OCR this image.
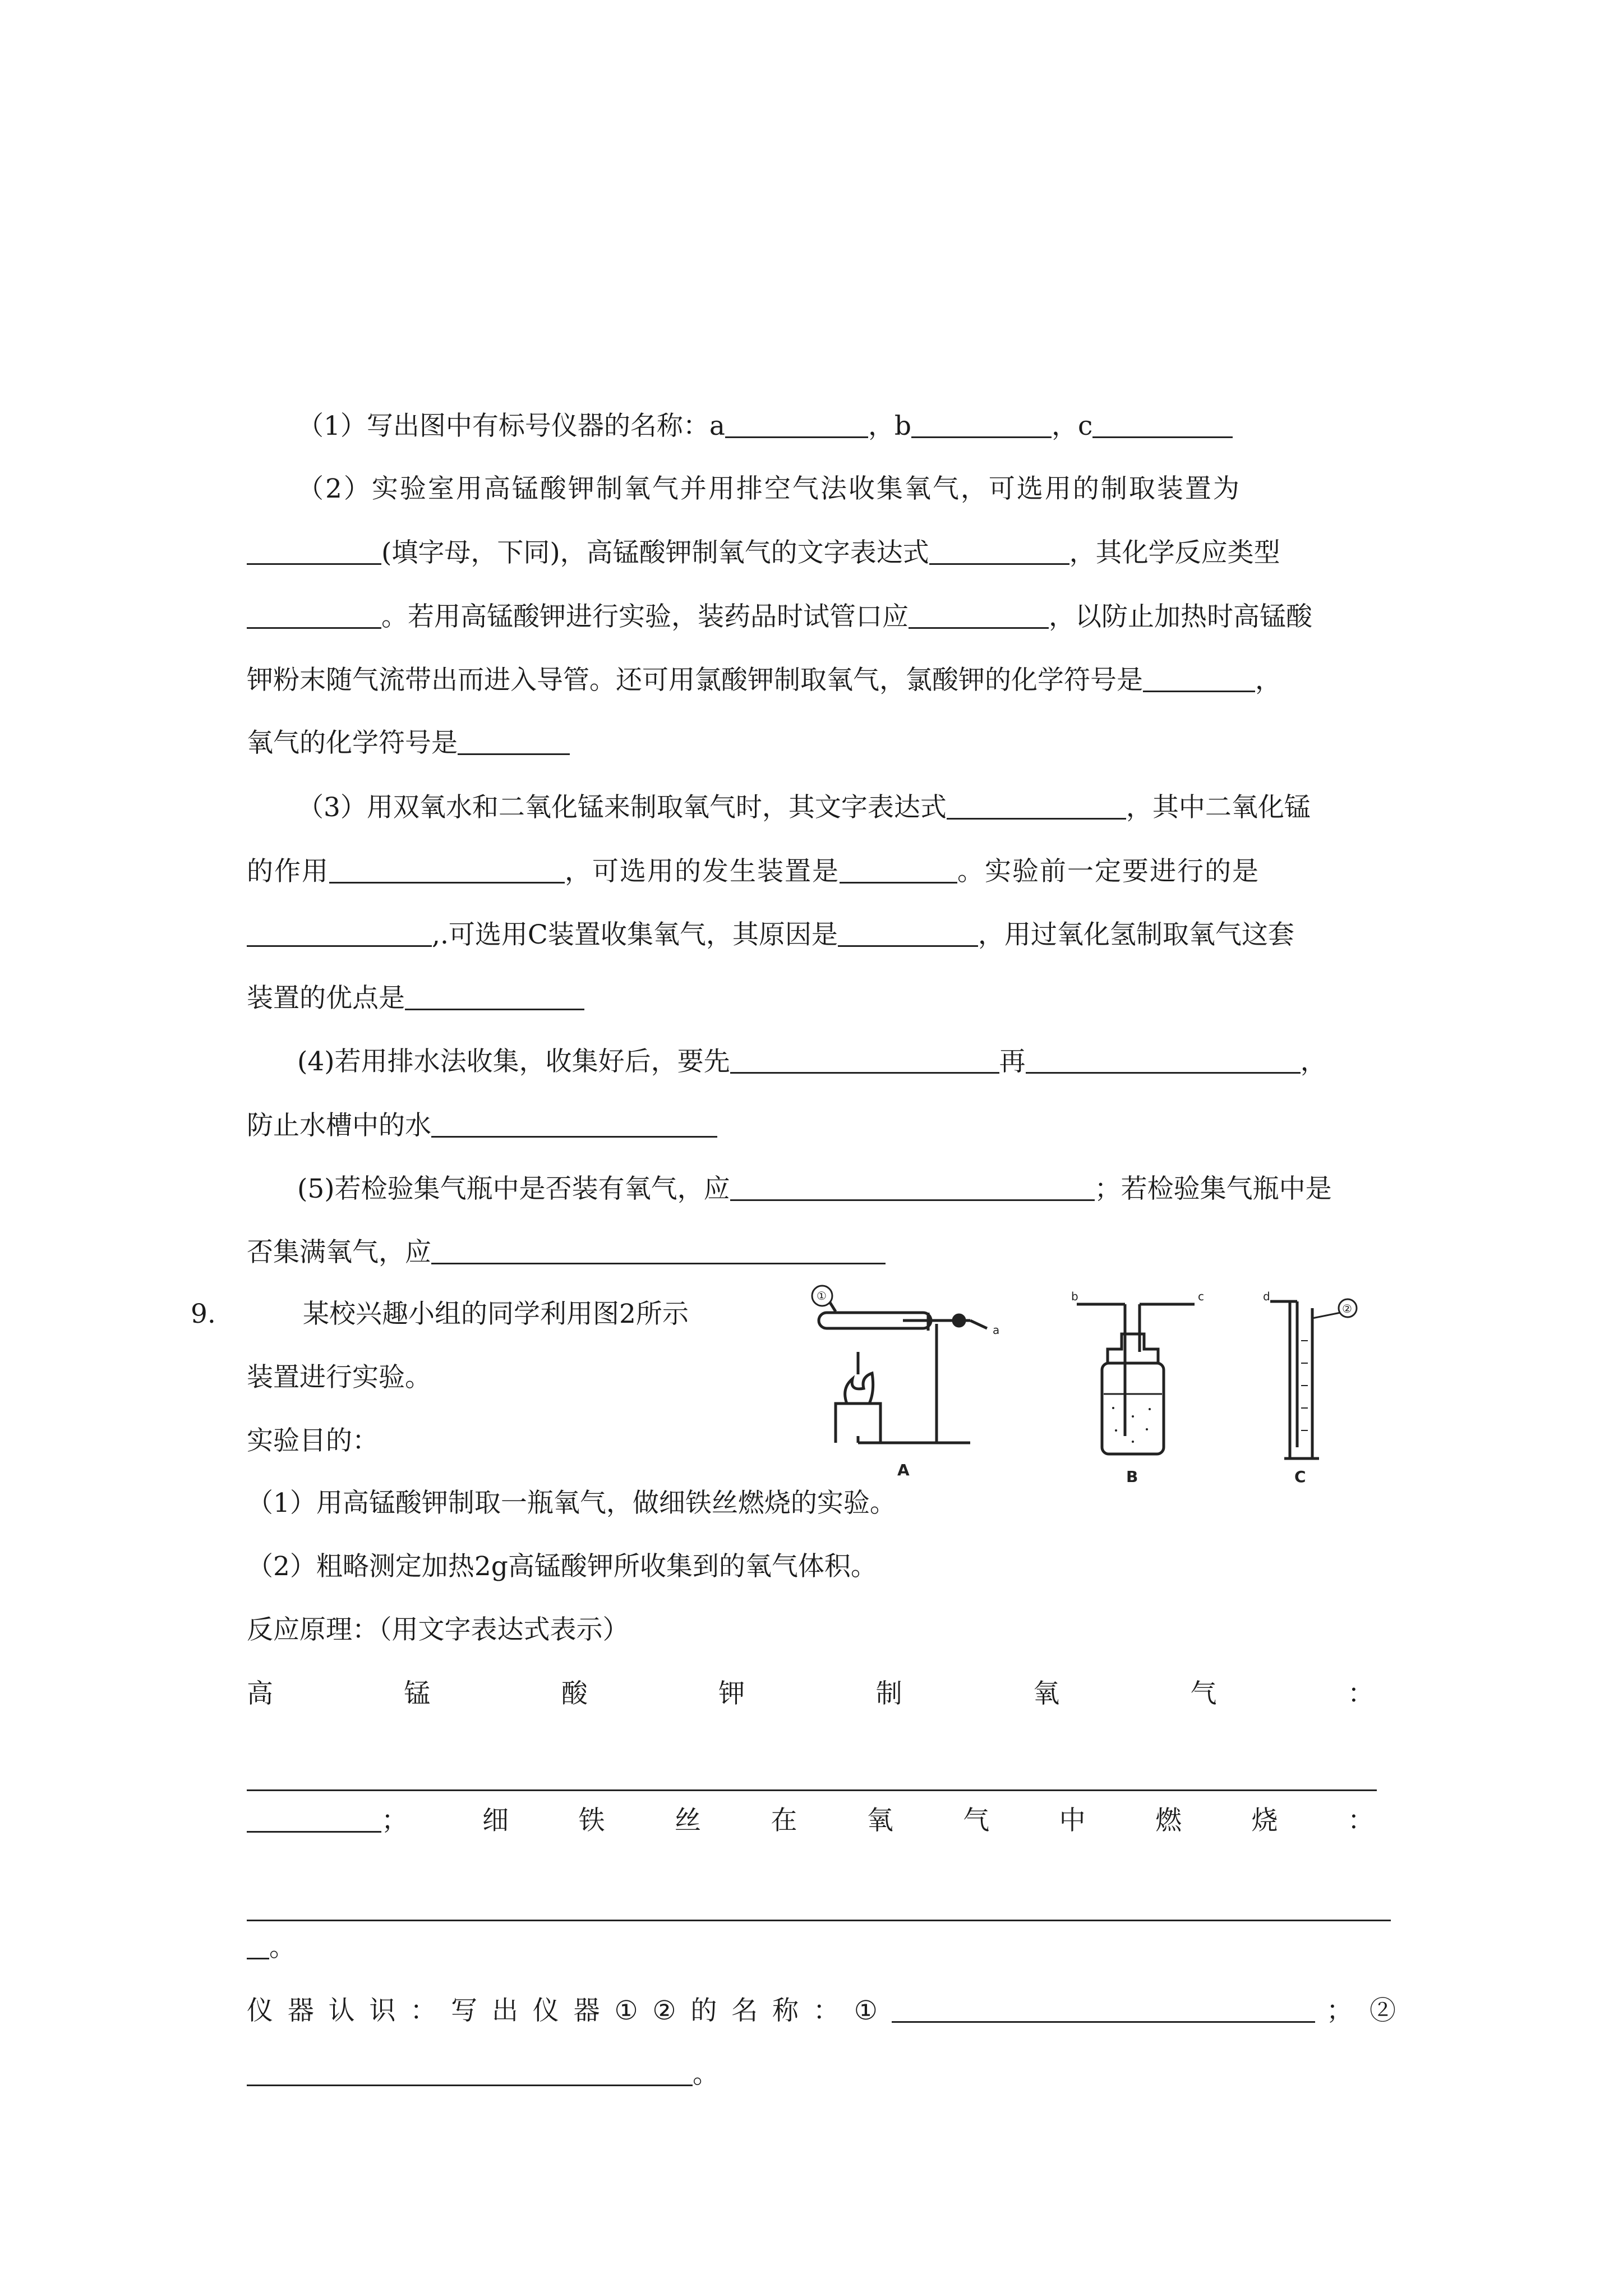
（1）写出图中有标号仪器的名称：a	，b	，c
（2）实验室用高锰酸钾制氧气并用排空气法收集氧气，可选用的制取装置为
(填字母，下同)，高锰酸钾制氧气的文字表达式	，其化学反应类型
。若用高锰酸钾进行实验，装药品时试管口应	，以防止加热时高锰酸
钾粉末随气流带出而进入导管。还可用氯酸钾制取氧气，氯酸钾的化学符号是	，
氧气的化学符号是
（3）用双氧水和二氧化锰来制取氧气时，其文字表达式	，其中二氧化锰
的作用	，可选用的发生装置是	。实验前一定要进行的是
,.可选用C装置收集氧气，其原因是	，用过氧化氢制取氧气这套
装置的优点是
(4)若用排水法收集，收集好后，要先	再	，
防止水槽中的水
(5)若检验集气瓶中是否装有氧气，应	；若检验集气瓶中是
否集满氧气，应
9.	某校兴趣小组的同学利用图2所示
装置进行实验。
实验目的：
①
a
A
b	c
B
d
②
C
（1）用高锰酸钾制取一瓶氧气，做细铁丝燃烧的实验。
（2）粗略测定加热2g高锰酸钾所收集到的氧气体积。
反应原理：（用文字表达式表示）
高	锰	酸	钾	制	氧	气	：
；	细	铁	丝	在	氧	气	中	燃	烧	：
。
仪 器 认 识 ： 写 出 仪 器 ① ② 的 名 称 ： ①	；②
。
